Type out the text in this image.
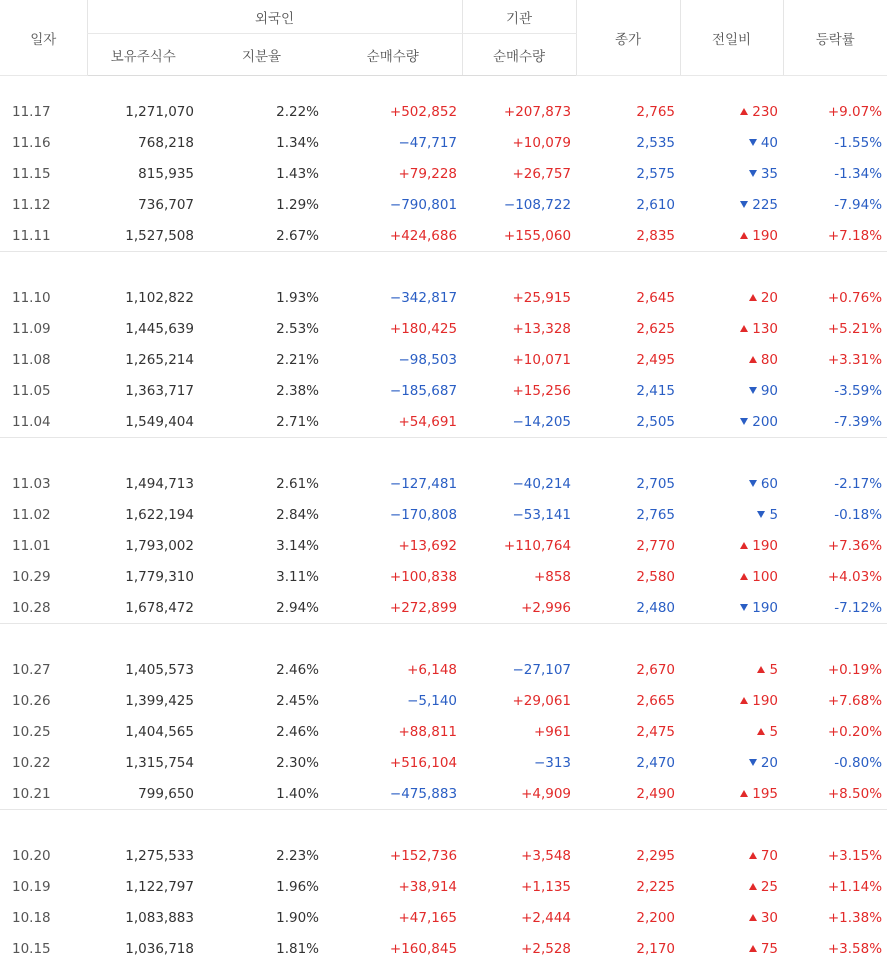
일자	외국인			기관	종가	전일비	등락률
	보유주식수	지분율	순매수량	순매수량			

11.17	1,271,070	2.22%	+502,852	+207,873	2,765	230	+9.07%
11.16	768,218	1.34%	−47,717	+10,079	2,535	40	-1.55%
11.15	815,935	1.43%	+79,228	+26,757	2,575	35	-1.34%
11.12	736,707	1.29%	−790,801	−108,722	2,610	225	-7.94%
11.11	1,527,508	2.67%	+424,686	+155,060	2,835	190	+7.18%

11.10	1,102,822	1.93%	−342,817	+25,915	2,645	20	+0.76%
11.09	1,445,639	2.53%	+180,425	+13,328	2,625	130	+5.21%
11.08	1,265,214	2.21%	−98,503	+10,071	2,495	80	+3.31%
11.05	1,363,717	2.38%	−185,687	+15,256	2,415	90	-3.59%
11.04	1,549,404	2.71%	+54,691	−14,205	2,505	200	-7.39%

11.03	1,494,713	2.61%	−127,481	−40,214	2,705	60	-2.17%
11.02	1,622,194	2.84%	−170,808	−53,141	2,765	5	-0.18%
11.01	1,793,002	3.14%	+13,692	+110,764	2,770	190	+7.36%
10.29	1,779,310	3.11%	+100,838	+858	2,580	100	+4.03%
10.28	1,678,472	2.94%	+272,899	+2,996	2,480	190	-7.12%

10.27	1,405,573	2.46%	+6,148	−27,107	2,670	5	+0.19%
10.26	1,399,425	2.45%	−5,140	+29,061	2,665	190	+7.68%
10.25	1,404,565	2.46%	+88,811	+961	2,475	5	+0.20%
10.22	1,315,754	2.30%	+516,104	−313	2,470	20	-0.80%
10.21	799,650	1.40%	−475,883	+4,909	2,490	195	+8.50%

10.20	1,275,533	2.23%	+152,736	+3,548	2,295	70	+3.15%
10.19	1,122,797	1.96%	+38,914	+1,135	2,225	25	+1.14%
10.18	1,083,883	1.90%	+47,165	+2,444	2,200	30	+1.38%
10.15	1,036,718	1.81%	+160,845	+2,528	2,170	75	+3.58%
